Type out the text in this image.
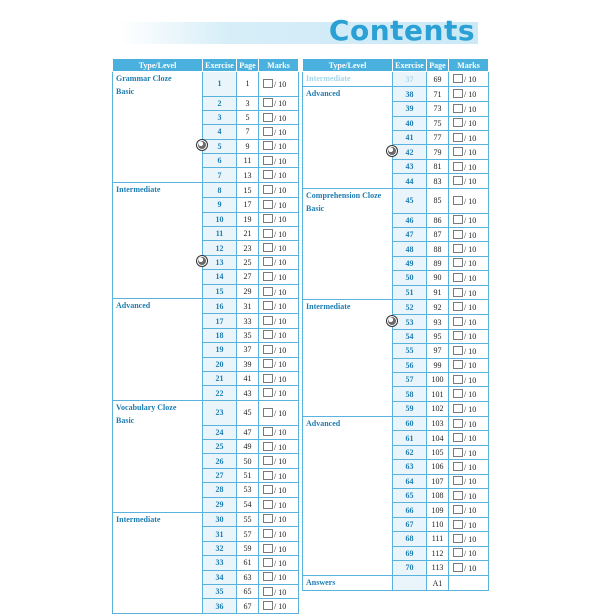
Contents
Type/Level	Exercise	Page	Marks
Grammar Cloze
Basic	1	1	/ 10
	2	3	/ 10
	3	5	/ 10
	4	7	/ 10

	5	9	/ 10
	6	11	/ 10
	7	13	/ 10
Intermediate	8	15	/ 10
	9	17	/ 10
	10	19	/ 10
	11	21	/ 10
	12	23	/ 10

	13	25	/ 10
	14	27	/ 10
	15	29	/ 10
Advanced	16	31	/ 10
	17	33	/ 10
	18	35	/ 10
	19	37	/ 10
	20	39	/ 10
	21	41	/ 10
	22	43	/ 10
Vocabulary Cloze
Basic	23	45	/ 10
	24	47	/ 10
	25	49	/ 10
	26	50	/ 10
	27	51	/ 10
	28	53	/ 10
	29	54	/ 10
Intermediate	30	55	/ 10
	31	57	/ 10
	32	59	/ 10
	33	61	/ 10
	34	63	/ 10
	35	65	/ 10
	36	67	/ 10
Type/Level	Exercise	Page	Marks
Intermediate	37	69	/ 10
Advanced	38	71	/ 10
	39	73	/ 10
	40	75	/ 10
	41	77	/ 10

	42	79	/ 10
	43	81	/ 10
	44	83	/ 10
Comprehension Cloze
Basic	45	85	/ 10
	46	86	/ 10
	47	87	/ 10
	48	88	/ 10
	49	89	/ 10
	50	90	/ 10
	51	91	/ 10
Intermediate	52	92	/ 10

	53	93	/ 10
	54	95	/ 10
	55	97	/ 10
	56	99	/ 10
	57	100	/ 10
	58	101	/ 10
	59	102	/ 10
Advanced	60	103	/ 10
	61	104	/ 10
	62	105	/ 10
	63	106	/ 10
	64	107	/ 10
	65	108	/ 10
	66	109	/ 10
	67	110	/ 10
	68	111	/ 10
	69	112	/ 10
	70	113	/ 10
Answers		A1	
